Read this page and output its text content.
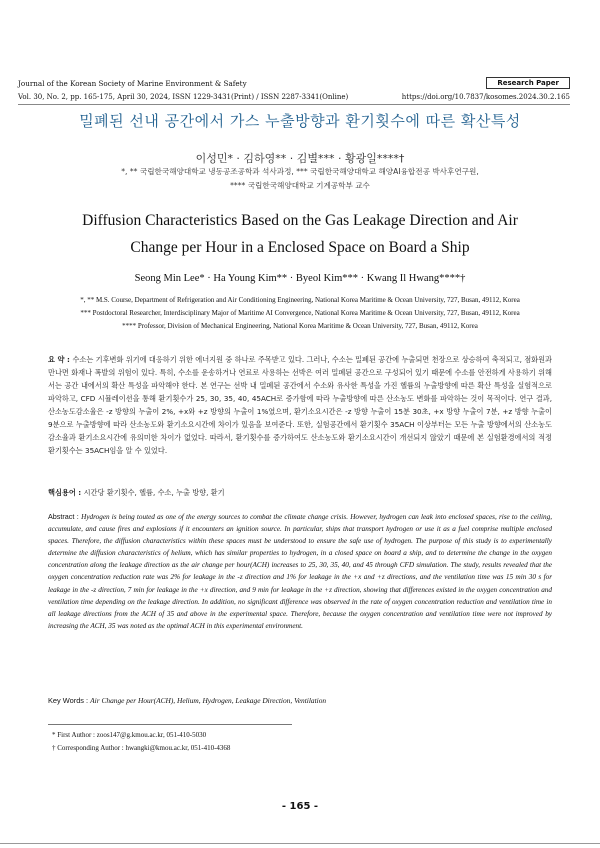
Journal of the Korean Society of Marine Environment & Safety	Research Paper
Vol. 30, No. 2, pp. 165-175, April 30, 2024, ISSN 1229-3431(Print) / ISSN 2287-3341(Online)	https://doi.org/10.7837/kosomes.2024.30.2.165
밀폐된 선내 공간에서 가스 누출방향과 환기횟수에 따른 확산특성
이성민* · 김하영** · 김별*** · 황광일****†
*, ** 국립한국해양대학교 냉동공조공학과 석사과정, *** 국립한국해양대학교 해양AI융합전공 박사후연구원,
**** 국립한국해양대학교 기계공학부 교수
Diffusion Characteristics Based on the Gas Leakage Direction and Air
Change per Hour in a Enclosed Space on Board a Ship
Seong Min Lee* · Ha Young Kim** · Byeol Kim*** · Kwang Il Hwang****†
*, ** M.S. Course, Department of Refrigeration and Air Conditioning Engineering, National Korea Maritime & Ocean University, 727, Busan, 49112, Korea
*** Postdoctoral Researcher, Interdisciplinary Major of Maritime AI Convergence, National Korea Maritime & Ocean University, 727, Busan, 49112, Korea
**** Professor, Division of Mechanical Engineering, National Korea Maritime & Ocean University, 727, Busan, 49112, Korea
요 약 : 수소는 기후변화 위기에 대응하기 위한 에너지원 중 하나로 주목받고 있다. 그러나, 수소는 밀폐된 공간에 누출되면 천장으로 상승하여 축적되고, 점화원과 만나면 화재나 폭발의 위험이 있다. 특히, 수소를 운송하거나 연료로 사용하는 선박은 여러 밀폐된 공간으로 구성되어 있기 때문에 수소를 안전하게 사용하기 위해서는 공간 내에서의 확산 특성을 파악해야 한다. 본 연구는 선박 내 밀폐된 공간에서 수소와 유사한 특성을 가진 헬륨의 누출방향에 따른 확산 특성을 실험적으로 파악하고, CFD 시뮬레이션을 통해 환기횟수가 25, 30, 35, 40, 45ACH로 증가함에 따라 누출방향에 따른 산소농도 변화를 파악하는 것이 목적이다. 연구 결과, 산소농도감소율은 -z 방향의 누출이 2%, +x와 +z 방향의 누출이 1%였으며, 환기소요시간은 -z 방향 누출이 15분 30초, +x 방향 누출이 7분, +z 방향 누출이 9분으로 누출방향에 따라 산소농도와 환기소요시간에 차이가 있음을 보여준다. 또한, 실험공간에서 환기횟수 35ACH 이상부터는 모든 누출 방향에서의 산소농도감소율과 환기소요시간에 유의미한 차이가 없었다. 따라서, 환기횟수를 증가하여도 산소농도와 환기소요시간이 개선되지 않았기 때문에 본 실험환경에서의 적정 환기횟수는 35ACH임을 알 수 있었다.
핵심용어 : 시간당 환기횟수, 헬륨, 수소, 누출 방향, 환기
Abstract : Hydrogen is being touted as one of the energy sources to combat the climate change crisis. However, hydrogen can leak into enclosed spaces, rise to the ceiling, accumulate, and cause fires and explosions if it encounters an ignition source. In particular, ships that transport hydrogen or use it as a fuel comprise multiple enclosed spaces. Therefore, the diffusion characteristics within these spaces must be understood to ensure the safe use of hydrogen. The purpose of this study is to experimentally determine the diffusion characteristics of helium, which has similar properties to hydrogen, in a closed space on board a ship, and to determine the change in the oxygen concentration along the leakage direction as the air change per hour(ACH) increases to 25, 30, 35, 40, and 45 through CFD simulation. The study, results revealed that the oxygen concentration reduction rate was 2% for leakage in the -z direction and 1% for leakage in the +x and +z directions, and the ventilation time was 15 min 30 s for leakage in the -z direction, 7 min for leakage in the +x direction, and 9 min for leakage in the +z direction, showing that differences existed in the oxygen concentration and ventilation time depending on the leakage direction. In addition, no significant difference was observed in the rate of oxygen concentration reduction and ventilation time in all leakage directions from the ACH of 35 and above in the experimental space. Therefore, because the oxygen concentration and ventilation time were not improved by increasing the ACH, 35 was noted as the optimal ACH in this experimental environment.
Key Words : Air Change per Hour(ACH), Helium, Hydrogen, Leakage Direction, Ventilation
* First Author : zoos147@g.kmou.ac.kr, 051-410-5030
† Corresponding Author : hwangki@kmou.ac.kr, 051-410-4368
- 165 -
